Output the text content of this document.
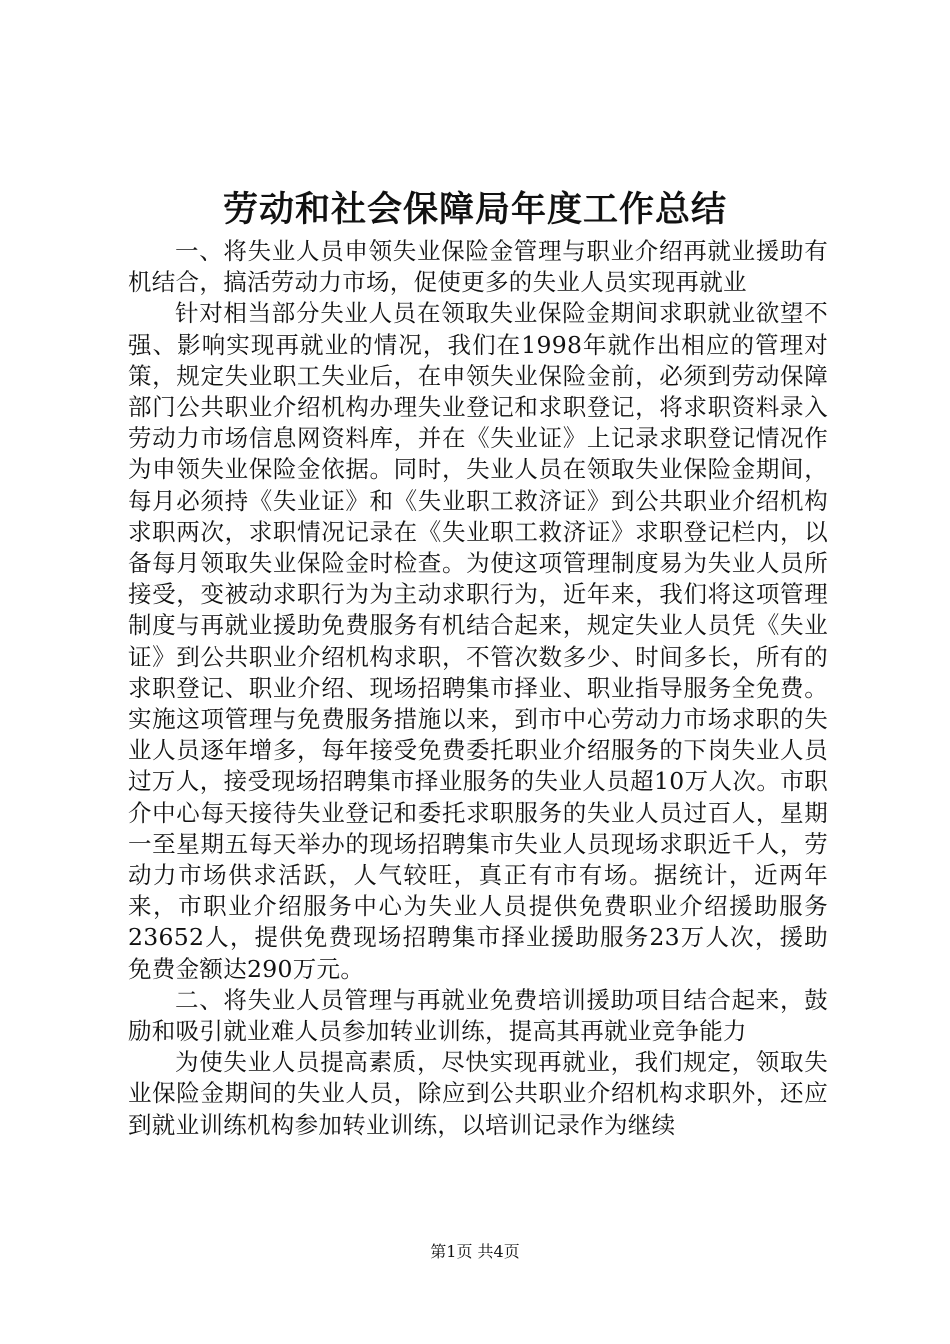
劳动和社会保障局年度工作总结

一、将失业人员申领失业保险金管理与职业介绍再就业援助有机结合，搞活劳动力市场，促使更多的失业人员实现再就业

针对相当部分失业人员在领取失业保险金期间求职就业欲望不强、影响实现再就业的情况，我们在1998年就作出相应的管理对策，规定失业职工失业后，在申领失业保险金前，必须到劳动保障部门公共职业介绍机构办理失业登记和求职登记，将求职资料录入劳动力市场信息网资料库，并在《失业证》上记录求职登记情况作为申领失业保险金依据。同时，失业人员在领取失业保险金期间，每月必须持《失业证》和《失业职工救济证》到公共职业介绍机构求职两次，求职情况记录在《失业职工救济证》求职登记栏内，以备每月领取失业保险金时检查。为使这项管理制度易为失业人员所接受，变被动求职行为为主动求职行为，近年来，我们将这项管理制度与再就业援助免费服务有机结合起来，规定失业人员凭《失业证》到公共职业介绍机构求职，不管次数多少、时间多长，所有的求职登记、职业介绍、现场招聘集市择业、职业指导服务全免费。实施这项管理与免费服务措施以来，到市中心劳动力市场求职的失业人员逐年增多，每年接受免费委托职业介绍服务的下岗失业人员过万人，接受现场招聘集市择业服务的失业人员超10万人次。市职介中心每天接待失业登记和委托求职服务的失业人员过百人，星期一至星期五每天举办的现场招聘集市失业人员现场求职近千人，劳动力市场供求活跃，人气较旺，真正有市有场。据统计，近两年来，市职业介绍服务中心为失业人员提供免费职业介绍援助服务23652人，提供免费现场招聘集市择业援助服务23万人次，援助免费金额达290万元。

二、将失业人员管理与再就业免费培训援助项目结合起来，鼓励和吸引就业难人员参加转业训练，提高其再就业竞争能力

为使失业人员提高素质，尽快实现再就业，我们规定，领取失业保险金期间的失业人员，除应到公共职业介绍机构求职外，还应到就业训练机构参加转业训练，以培训记录作为继续

第1页 共4页
